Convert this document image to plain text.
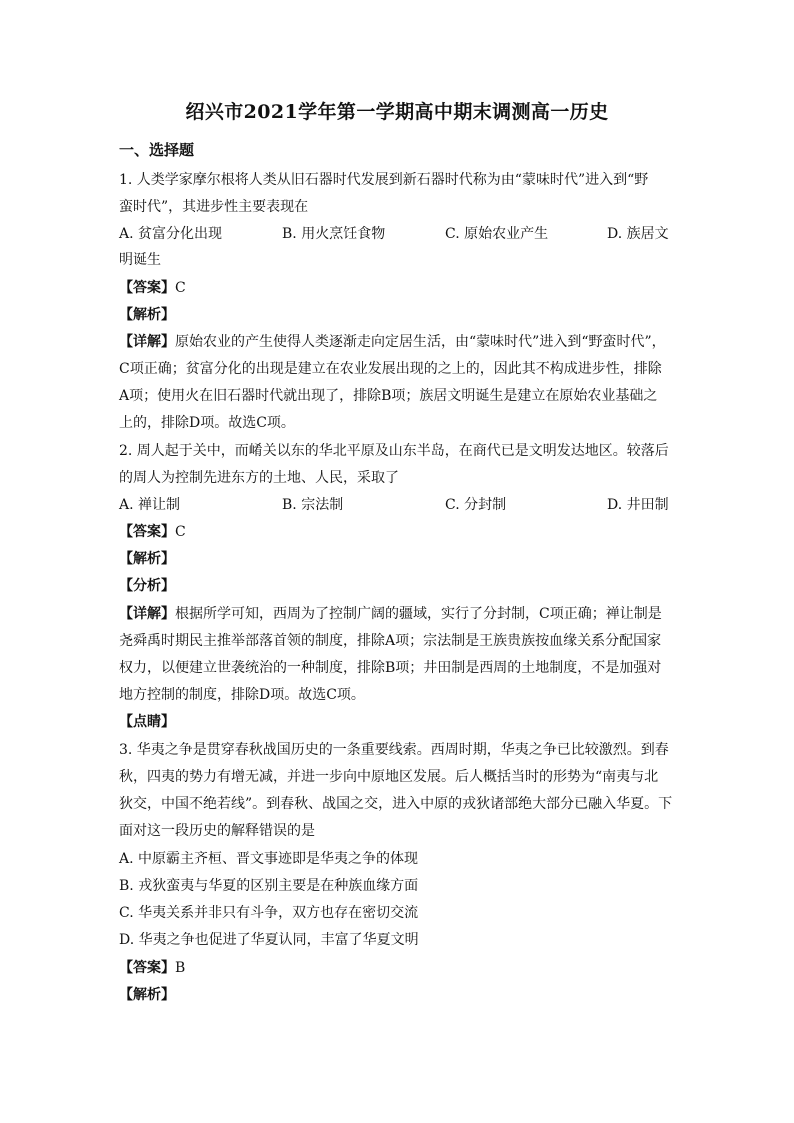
绍兴市2021学年第一学期高中期末调测高一历史
一、选择题
1. 人类学家摩尔根将人类从旧石器时代发展到新石器时代称为由“蒙味时代”进入到“野
蛮时代”，其进步性主要表现在
A. 贫富分化出现	B. 用火烹饪食物	C. 原始农业产生	D. 族居文
明诞生
【答案】C
【解析】
【详解】原始农业的产生使得人类逐渐走向定居生活，由“蒙味时代”进入到“野蛮时代”，
C项正确；贫富分化的出现是建立在农业发展出现的之上的，因此其不构成进步性，排除
A项；使用火在旧石器时代就出现了，排除B项；族居文明诞生是建立在原始农业基础之
上的，排除D项。故选C项。
2. 周人起于关中，而崤关以东的华北平原及山东半岛，在商代已是文明发达地区。较落后
的周人为控制先进东方的土地、人民，采取了
A. 禅让制	B. 宗法制	C. 分封制	D. 井田制
【答案】C
【解析】
【分析】
【详解】根据所学可知，西周为了控制广阔的疆域，实行了分封制，C项正确；禅让制是
尧舜禹时期民主推举部落首领的制度，排除A项；宗法制是王族贵族按血缘关系分配国家
权力，以便建立世袭统治的一种制度，排除B项；井田制是西周的土地制度，不是加强对
地方控制的制度，排除D项。故选C项。
【点睛】
3. 华夷之争是贯穿春秋战国历史的一条重要线索。西周时期，华夷之争已比较激烈。到春
秋，四夷的势力有增无减，并进一步向中原地区发展。后人概括当时的形势为“南夷与北
狄交，中国不绝若线”。到春秋、战国之交，进入中原的戎狄诸部绝大部分已融入华夏。下
面对这一段历史的解释错误的是
A. 中原霸主齐桓、晋文事迹即是华夷之争的体现
B. 戎狄蛮夷与华夏的区别主要是在种族血缘方面
C. 华夷关系并非只有斗争，双方也存在密切交流
D. 华夷之争也促进了华夏认同，丰富了华夏文明
【答案】B
【解析】
